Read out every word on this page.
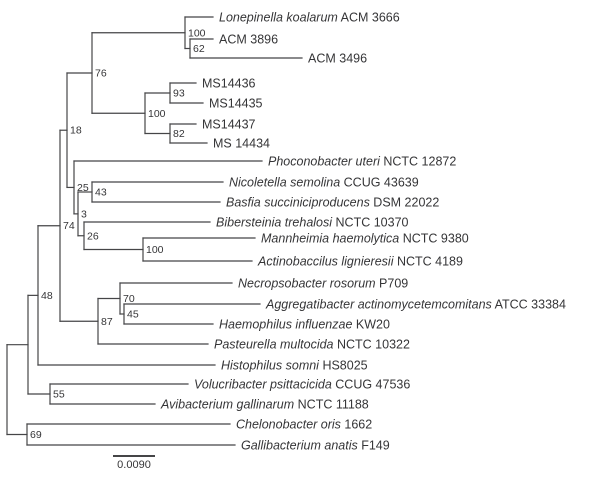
Lonepinella koalarum ACM 3666
ACM 3896
ACM 3496
62
100
MS14436
MS14435
93
MS14437
MS 14434
82
100
76
Phoconobacter uteri NCTC 12872
Nicoletella semolina CCUG 43639
Basfia succiniciproducens DSM 22022
43
Bibersteinia trehalosi NCTC 10370
Mannheimia haemolytica NCTC 9380
Actinobaccilus lignieresii NCTC 4189
100
26
3
25
18
Necropsobacter rosorum P709
Aggregatibacter actinomycetemcomitans ATCC 33384
Haemophilus influenzae KW20
45
70
Pasteurella multocida NCTC 10322
87
74
Histophilus somni HS8025
48
Volucribacter psittacicida CCUG 47536
Avibacterium gallinarum NCTC 11188
55
Chelonobacter oris 1662
Gallibacterium anatis F149
69
0.0090
